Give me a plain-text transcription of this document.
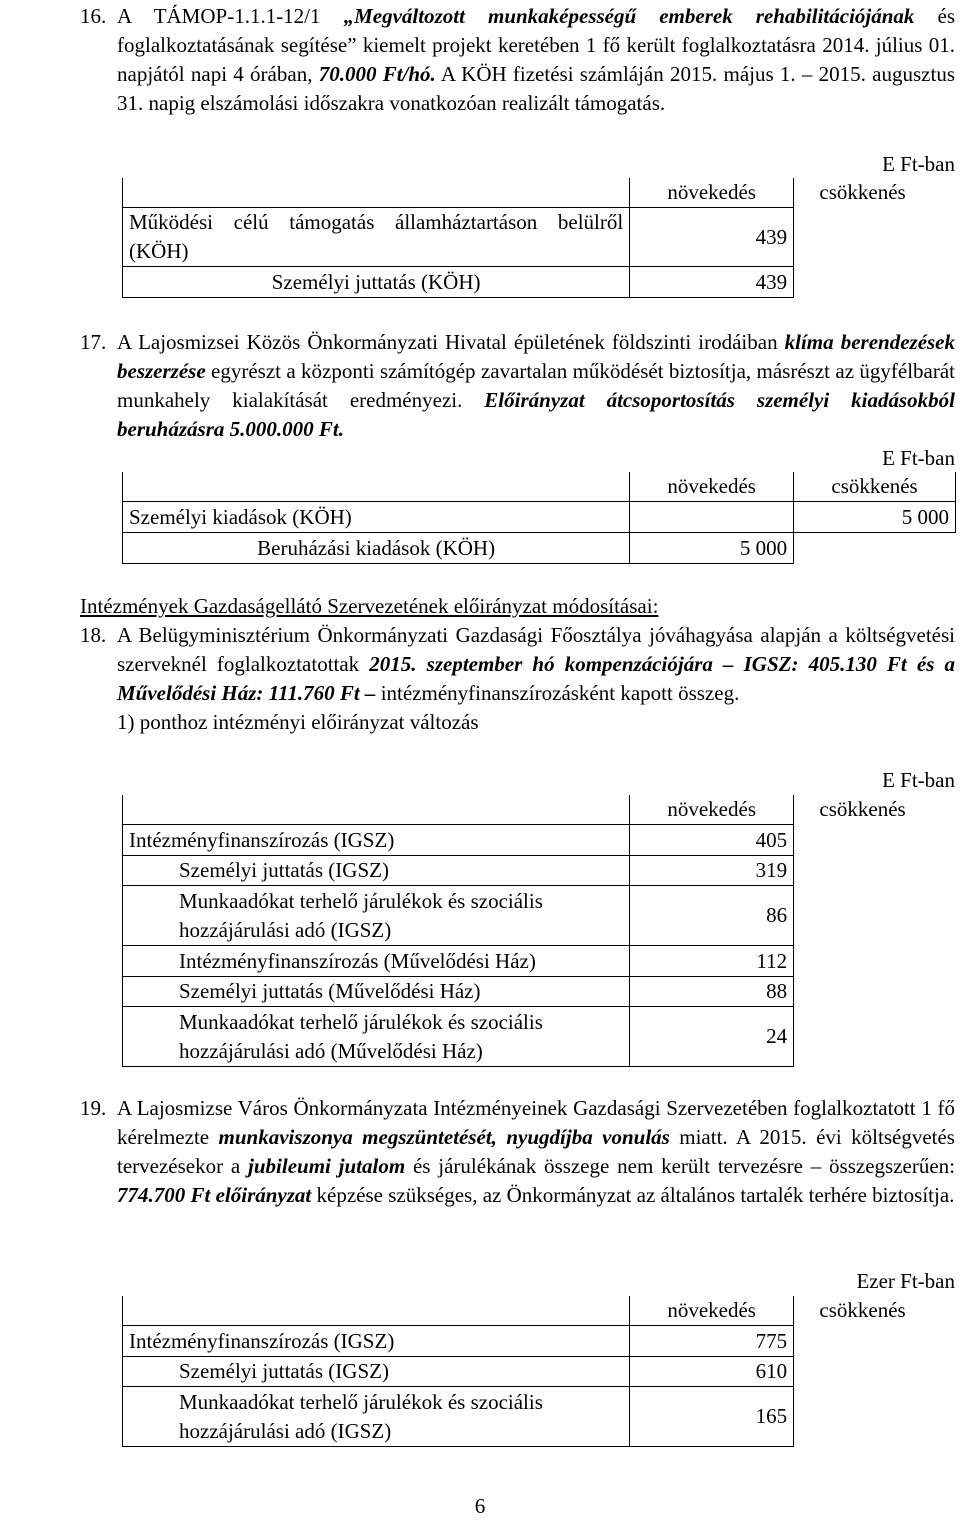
16. A TÁMOP-1.1.1-12/1 „Megváltozott munkaképességű emberek rehabilitációjának és foglalkoztatásának segítése” kiemelt projekt keretében 1 fő került foglalkoztatásra 2014. július 01. napjától napi 4 órában, 70.000 Ft/hó. A KÖH fizetési számláján 2015. május 1. – 2015. augusztus 31. napig elszámolási időszakra vonatkozóan realizált támogatás.

E Ft-ban
	növekedés	csökkenés
Működési célú támogatás államháztartáson belülről (KÖH)	439	
Személyi juttatás (KÖH)	439	

17. A Lajosmizsei Közös Önkormányzati Hivatal épületének földszinti irodáiban klíma berendezések beszerzése egyrészt a központi számítógép zavartalan működését biztosítja, másrészt az ügyfélbarát munkahely kialakítását eredményezi. Előirányzat átcsoportosítás személyi kiadásokból beruházásra 5.000.000 Ft.

E Ft-ban
	növekedés	csökkenés
Személyi kiadások (KÖH)		5 000
Beruházási kiadások (KÖH)	5 000	
Intézmények Gazdaságellátó Szervezetének előirányzat módosításai:

18. A Belügyminisztérium Önkormányzati Gazdasági Főosztálya jóváhagyása alapján a költségvetési szerveknél foglalkoztatottak 2015. szeptember hó kompenzációjára – IGSZ: 405.130 Ft és a Művelődési Ház: 111.760 Ft – intézményfinanszírozásként kapott összeg.

1) ponthoz intézményi előirányzat változás

E Ft-ban
	növekedés	csökkenés
Intézményfinanszírozás (IGSZ)	405	
Személyi juttatás (IGSZ)	319	
Munkaadókat terhelő járulékok és szociális hozzájárulási adó (IGSZ)	86	
Intézményfinanszírozás (Művelődési Ház)	112	
Személyi juttatás (Művelődési Ház)	88	
Munkaadókat terhelő járulékok és szociális hozzájárulási adó (Művelődési Ház)	24	

19. A Lajosmizse Város Önkormányzata Intézményeinek Gazdasági Szervezetében foglalkoztatott 1 fő kérelmezte munkaviszonya megszüntetését, nyugdíjba vonulás miatt. A 2015. évi költségvetés tervezésekor a jubileumi jutalom és járulékának összege nem került tervezésre – összegszerűen: 774.700 Ft előirányzat képzése szükséges, az Önkormányzat az általános tartalék terhére biztosítja.

Ezer Ft-ban
	növekedés	csökkenés
Intézményfinanszírozás (IGSZ)	775	
Személyi juttatás (IGSZ)	610	
Munkaadókat terhelő járulékok és szociális hozzájárulási adó (IGSZ)	165	
6
